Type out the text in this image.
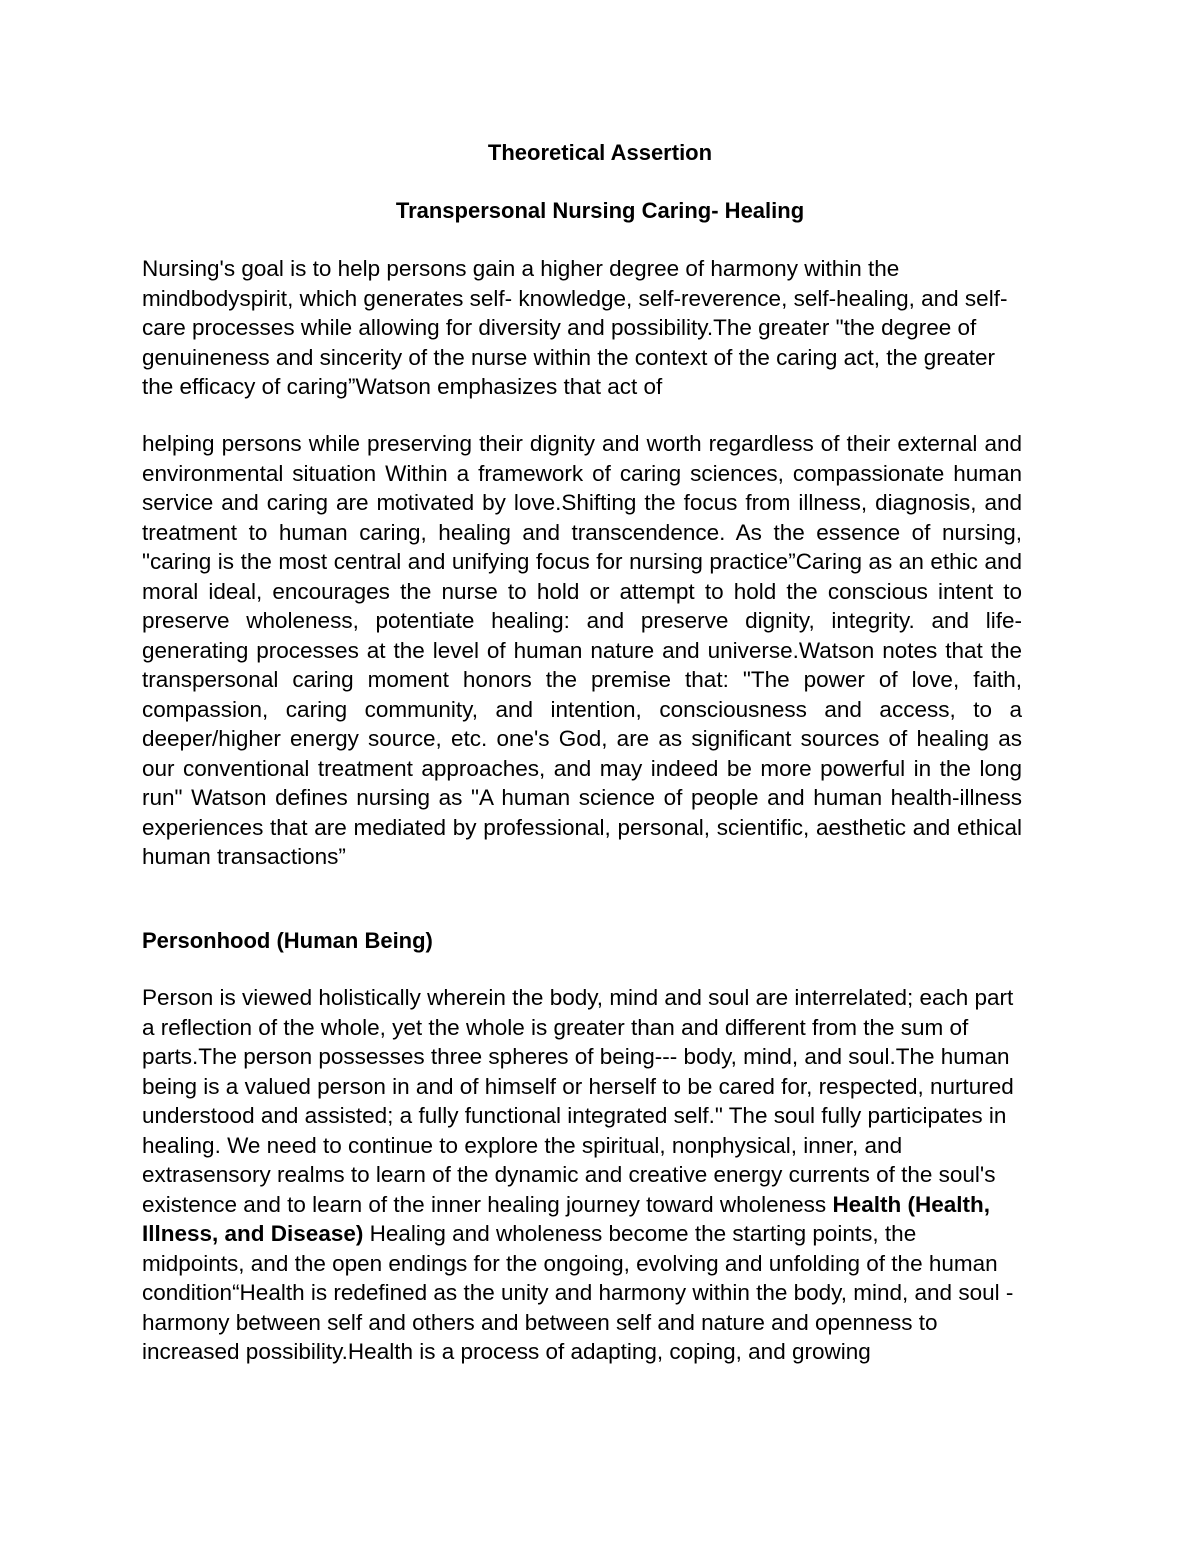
Theoretical Assertion
Transpersonal Nursing Caring- Healing
Nursing's goal is to help persons gain a higher degree of harmony within the mindbodyspirit, which generates self- knowledge, self-reverence, self-healing, and self-care processes while allowing for diversity and possibility.The greater "the degree of genuineness and sincerity of the nurse within the context of the caring act, the greater the efficacy of caring”Watson emphasizes that act of
helping persons while preserving their dignity and worth regardless of their external and environmental situation Within a framework of caring sciences, compassionate human service and caring are motivated by love.Shifting the focus from illness, diagnosis, and treatment to human caring, healing and transcendence. As the essence of nursing, "caring is the most central and unifying focus for nursing practice”Caring as an ethic and moral ideal, encourages the nurse to hold or attempt to hold the conscious intent to preserve wholeness, potentiate healing: and preserve dignity, integrity. and life-generating processes at the level of human nature and universe.Watson notes that the transpersonal caring moment honors the premise that: "The power of love, faith, compassion, caring community, and intention, consciousness and access, to a deeper/higher energy source, etc. one's God, are as significant sources of healing as our conventional treatment approaches, and may indeed be more powerful in the long run" Watson defines nursing as "A human science of people and human health-illness experiences that are mediated by professional, personal, scientific, aesthetic and ethical human transactions”
Personhood (Human Being)
Person is viewed holistically wherein the body, mind and soul are interrelated; each part a reflection of the whole, yet the whole is greater than and different from the sum of parts.The person possesses three spheres of being--- body, mind, and soul.The human being is a valued person in and of himself or herself to be cared for, respected, nurtured understood and assisted; a fully functional integrated self." The soul fully participates in healing. We need to continue to explore the spiritual, nonphysical, inner, and extrasensory realms to learn of the dynamic and creative energy currents of the soul's existence and to learn of the inner healing journey toward wholeness Health (Health, Illness, and Disease) Healing and wholeness become the starting points, the midpoints, and the open endings for the ongoing, evolving and unfolding of the human condition“Health is redefined as the unity and harmony within the body, mind, and soul - harmony between self and others and between self and nature and openness to increased possibility.Health is a process of adapting, coping, and growing
